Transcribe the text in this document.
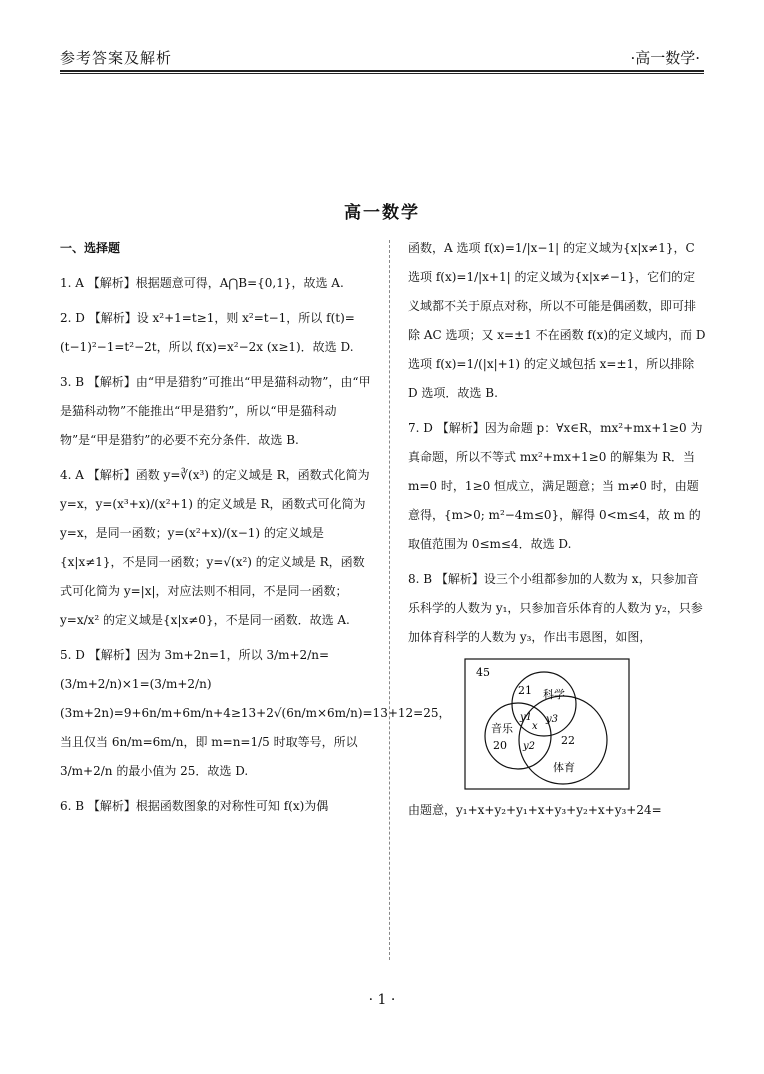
参考答案及解析	·高一数学·
高一数学
一、选择题
1. A 【解析】根据题意可得，A⋂B={0,1}，故选 A.
2. D 【解析】设 x²+1=t≥1，则 x²=t−1，所以 f(t)=(t−1)²−1=t²−2t，所以 f(x)=x²−2x (x≥1)．故选 D.
3. B 【解析】由“甲是猎豹”可推出“甲是猫科动物”，由“甲是猫科动物”不能推出“甲是猎豹”，所以“甲是猫科动物”是“甲是猎豹”的必要不充分条件．故选 B.
4. A 【解析】函数 y=∛(x³) 的定义域是 R，函数式化简为 y=x，y=(x³+x)/(x²+1) 的定义域是 R，函数式可化简为 y=x，是同一函数；y=(x²+x)/(x−1) 的定义域是{x|x≠1}，不是同一函数；y=√(x²) 的定义域是 R，函数式可化简为 y=|x|，对应法则不相同，不是同一函数；y=x/x² 的定义域是{x|x≠0}，不是同一函数．故选 A.
5. D 【解析】因为 3m+2n=1，所以 3/m+2/n=(3/m+2/n)×1=(3/m+2/n)(3m+2n)=9+6n/m+6m/n+4≥13+2√(6n/m×6m/n)=13+12=25，当且仅当 6n/m=6m/n，即 m=n=1/5 时取等号，所以 3/m+2/n 的最小值为 25．故选 D.
6. B 【解析】根据函数图象的对称性可知 f(x)为偶
函数，A 选项 f(x)=1/|x−1| 的定义域为{x|x≠1}，C 选项 f(x)=1/|x+1| 的定义域为{x|x≠−1}，它们的定义域都不关于原点对称，所以不可能是偶函数，即可排除 AC 选项；又 x=±1 不在函数 f(x)的定义域内，而 D 选项 f(x)=1/(|x|+1) 的定义域包括 x=±1，所以排除 D 选项．故选 B.
7. D 【解析】因为命题 p：∀x∈R，mx²+mx+1≥0 为真命题，所以不等式 mx²+mx+1≥0 的解集为 R．当 m=0 时，1≥0 恒成立，满足题意；当 m≠0 时，由题意得，{m>0; m²−4m≤0}，解得 0<m≤4，故 m 的取值范围为 0≤m≤4．故选 D.
8. B 【解析】设三个小组都参加的人数为 x，只参加音乐科学的人数为 y₁，只参加音乐体育的人数为 y₂，只参加体育科学的人数为 y₃，作出韦恩图，如图，
45
21 科学
y1
x
y3
音乐
20 y2 22
体育
由题意，y₁+x+y₂+y₁+x+y₃+y₂+x+y₃+24=
· 1 ·
